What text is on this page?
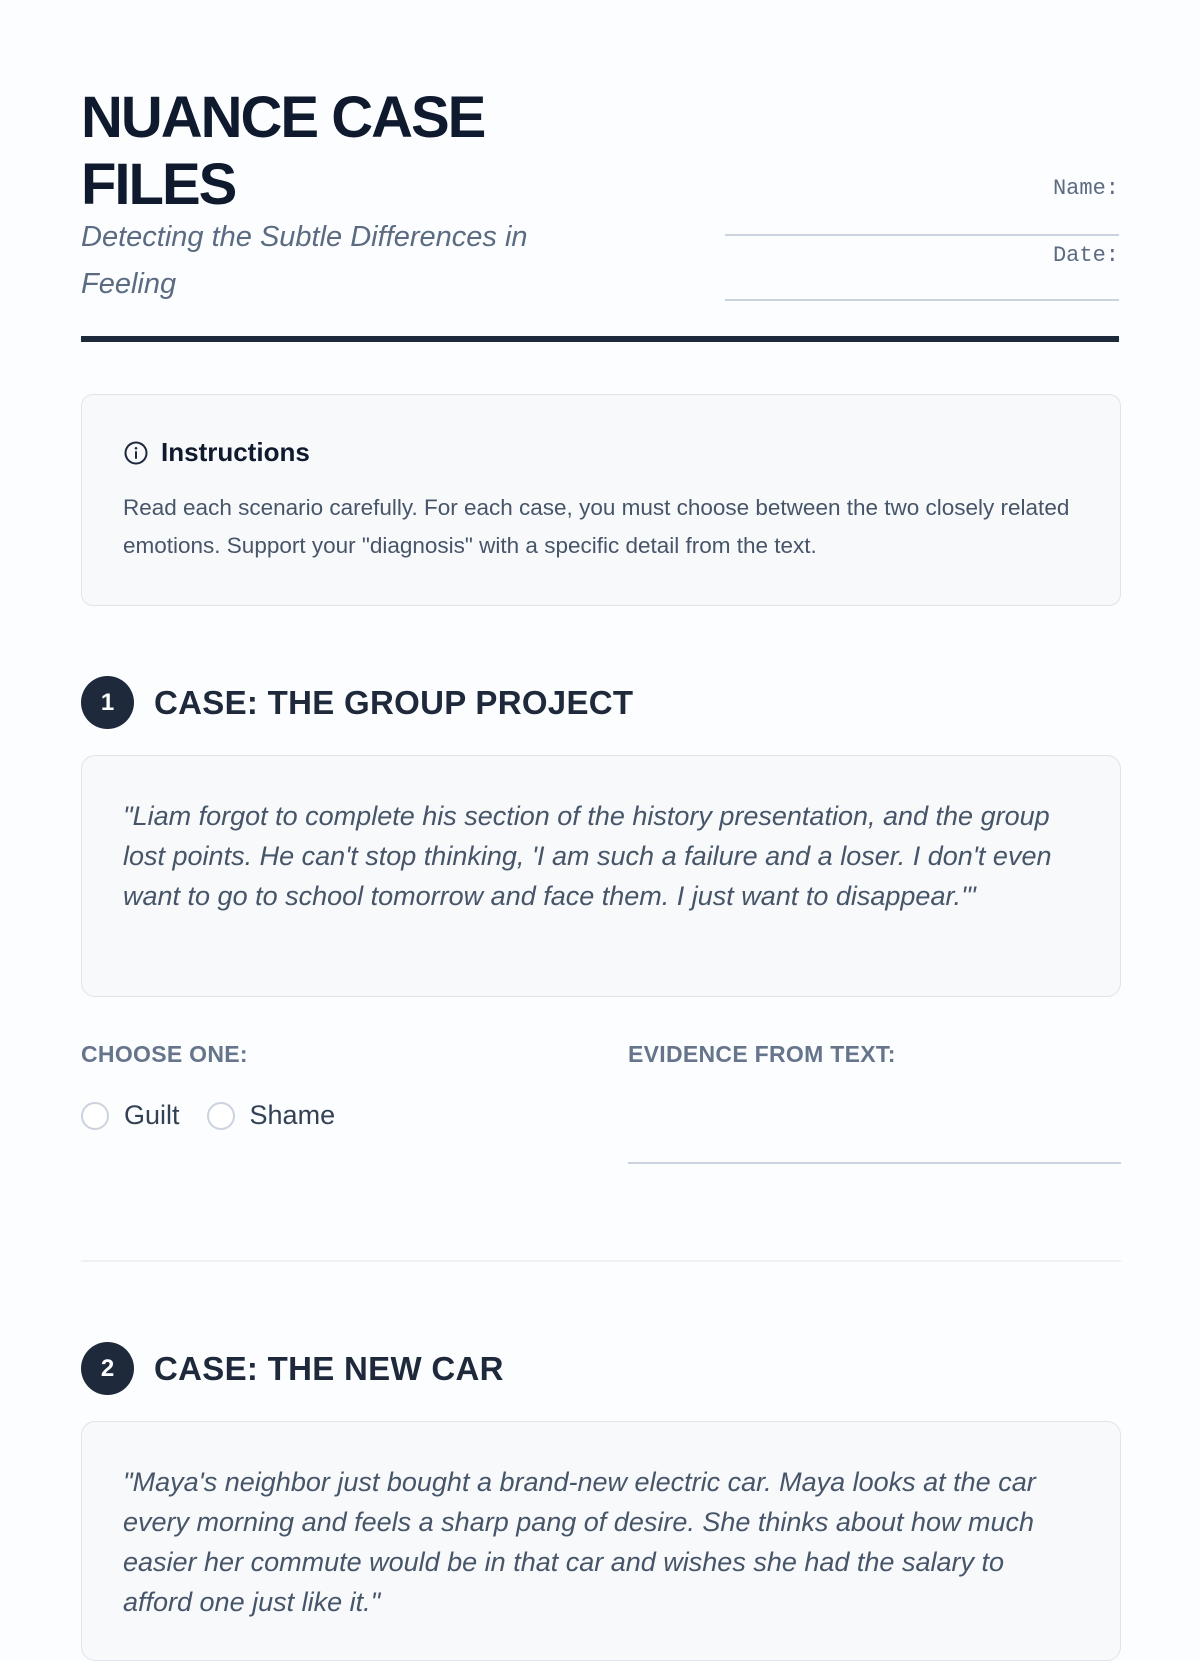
NUANCE CASE FILES
Detecting the Subtle Differences in Feeling
Name:
Date:
Instructions
Read each scenario carefully. For each case, you must choose between the two closely related emotions. Support your "diagnosis" with a specific detail from the text.
1	CASE: THE GROUP PROJECT
"Liam forgot to complete his section of the history presentation, and the group lost points. He can't stop thinking, 'I am such a failure and a loser. I don't even want to go to school tomorrow and face them. I just want to disappear.'"
CHOOSE ONE:	EVIDENCE FROM TEXT:
Guilt	Shame
2	CASE: THE NEW CAR
"Maya's neighbor just bought a brand-new electric car. Maya looks at the car every morning and feels a sharp pang of desire. She thinks about how much easier her commute would be in that car and wishes she had the salary to afford one just like it."
